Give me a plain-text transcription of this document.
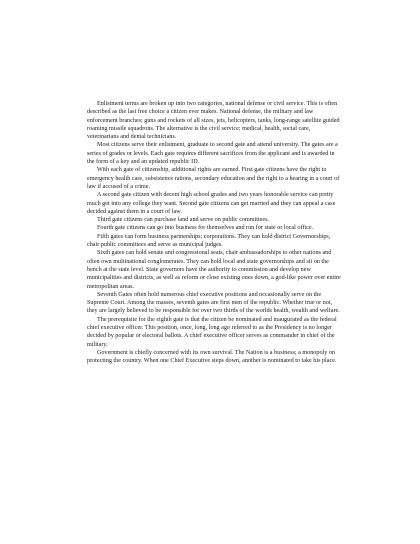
Enlistment terms are broken up into two categories, national defense or civil service. This is often described as the last free choice a citizen ever makes. National defense, the military and law enforcement branches; guns and rockets of all sizes, jets, helicopters, tanks, long-range satellite guided roaming missile squadrons. The alternative is the civil service; medical, health, social care, veterinarians and dental technicians.

Most citizens serve their enlistment, graduate to second gate and attend university. The gates are a series of grades or levels. Each gate requires different sacrifices from the applicant and is awarded in the form of a key and an updated republic ID.

With each gate of citizenship, additional rights are earned. First gate citizens have the right to emergency health care, subsistence rations, secondary education and the right to a hearing in a court of law if accused of a crime.

A second gate citizen with decent high school grades and two years honorable service can pretty much get into any college they want. Second gate citizens can get married and they can appeal a case decided against them in a court of law.

Third gate citizens can purchase land and serve on public committees.

Fourth gate citizens can go into business for themselves and run for state or local office.

Fifth gates can form business partnerships; corporations. They can hold district Governorships, chair public committees and serve as municipal judges.

Sixth gates can hold senate and congressional seats, chair ambassadorships to other nations and often own multinational conglomerates. They can hold local and state governorships and sit on the bench at the state level. State governors have the authority to commission and develop new municipalities and districts, as well as reform or close existing ones down, a god-like power over entire metropolitan areas.

Seventh Gates often hold numerous chief executive positions and occasionally serve on the Supreme Court. Among the masses, seventh gates are first men of the republic. Whether true or not, they are largely believed to be responsible for over two thirds of the worlds health, wealth and welfare.

The prerequisite for the eighth gate is that the citizen be nominated and inaugurated as the federal chief executive officer. This position, once, long, long ago referred to as the Presidency is no longer decided by popular or electoral ballots. A chief executive officer serves as commander in chief of the military.

Government is chiefly concerned with its own survival. The Nation is a business; a monopoly on protecting the country. When one Chief Executive steps down, another is nominated to take his place.
